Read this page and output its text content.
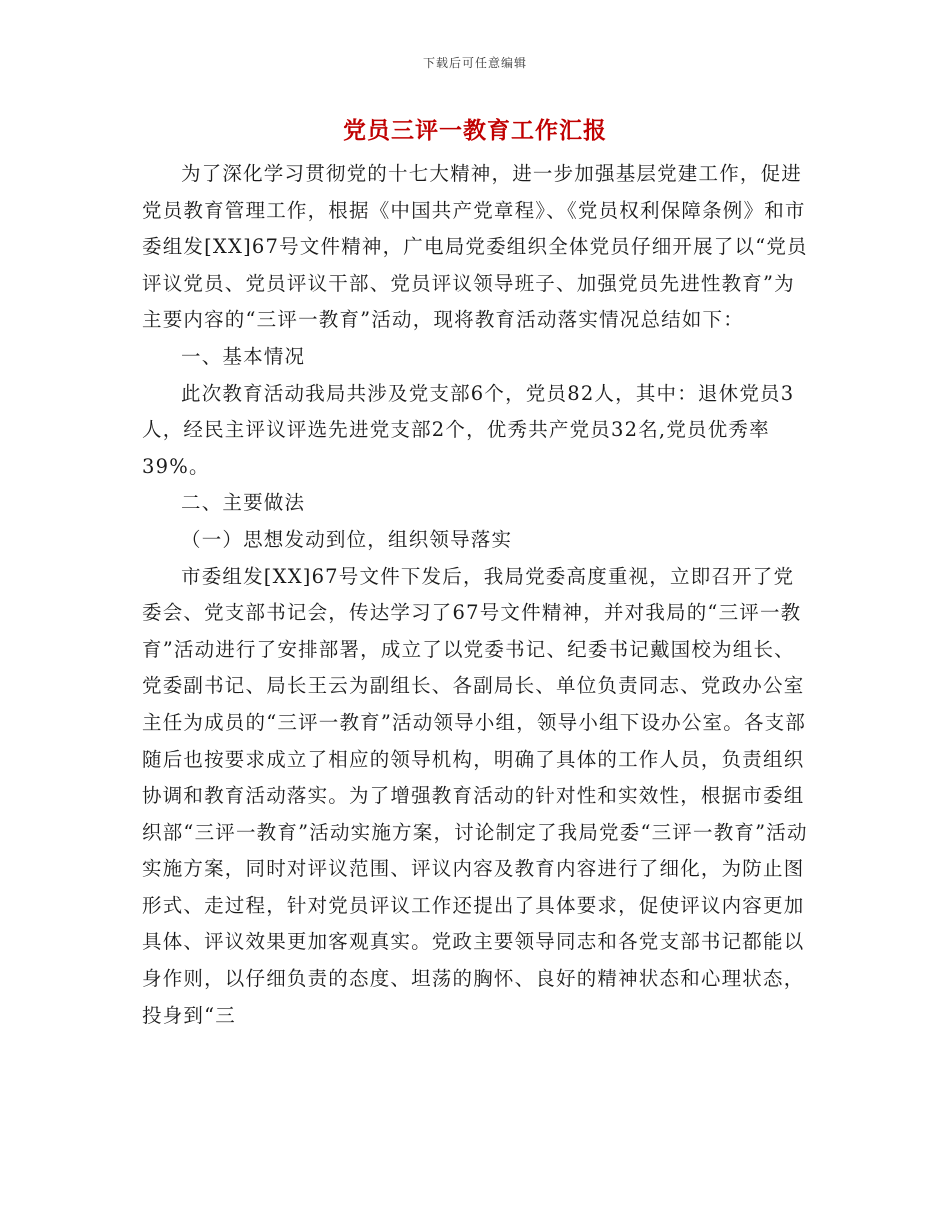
下载后可任意编辑
党员三评一教育工作汇报

为了深化学习贯彻党的十七大精神，进一步加强基层党建工作，促进党员教育管理工作，根据《中国共产党章程》、《党员权利保障条例》和市委组发[XX]67号文件精神，广电局党委组织全体党员仔细开展了以“党员评议党员、党员评议干部、党员评议领导班子、加强党员先进性教育”为主要内容的“三评一教育”活动，现将教育活动落实情况总结如下：

一、基本情况

此次教育活动我局共涉及党支部6个，党员82人，其中：退休党员3人，经民主评议评选先进党支部2个，优秀共产党员32名,党员优秀率39%。

二、主要做法

（一）思想发动到位，组织领导落实

市委组发[XX]67号文件下发后，我局党委高度重视，立即召开了党委会、党支部书记会，传达学习了67号文件精神，并对我局的“三评一教育”活动进行了安排部署，成立了以党委书记、纪委书记戴国校为组长、党委副书记、局长王云为副组长、各副局长、单位负责同志、党政办公室主任为成员的“三评一教育”活动领导小组，领导小组下设办公室。各支部随后也按要求成立了相应的领导机构，明确了具体的工作人员，负责组织协调和教育活动落实。为了增强教育活动的针对性和实效性，根据市委组织部“三评一教育”活动实施方案，讨论制定了我局党委“三评一教育”活动实施方案，同时对评议范围、评议内容及教育内容进行了细化，为防止图形式、走过程，针对党员评议工作还提出了具体要求，促使评议内容更加具体、评议效果更加客观真实。党政主要领导同志和各党支部书记都能以身作则，以仔细负责的态度、坦荡的胸怀、良好的精神状态和心理状态，投身到“三
